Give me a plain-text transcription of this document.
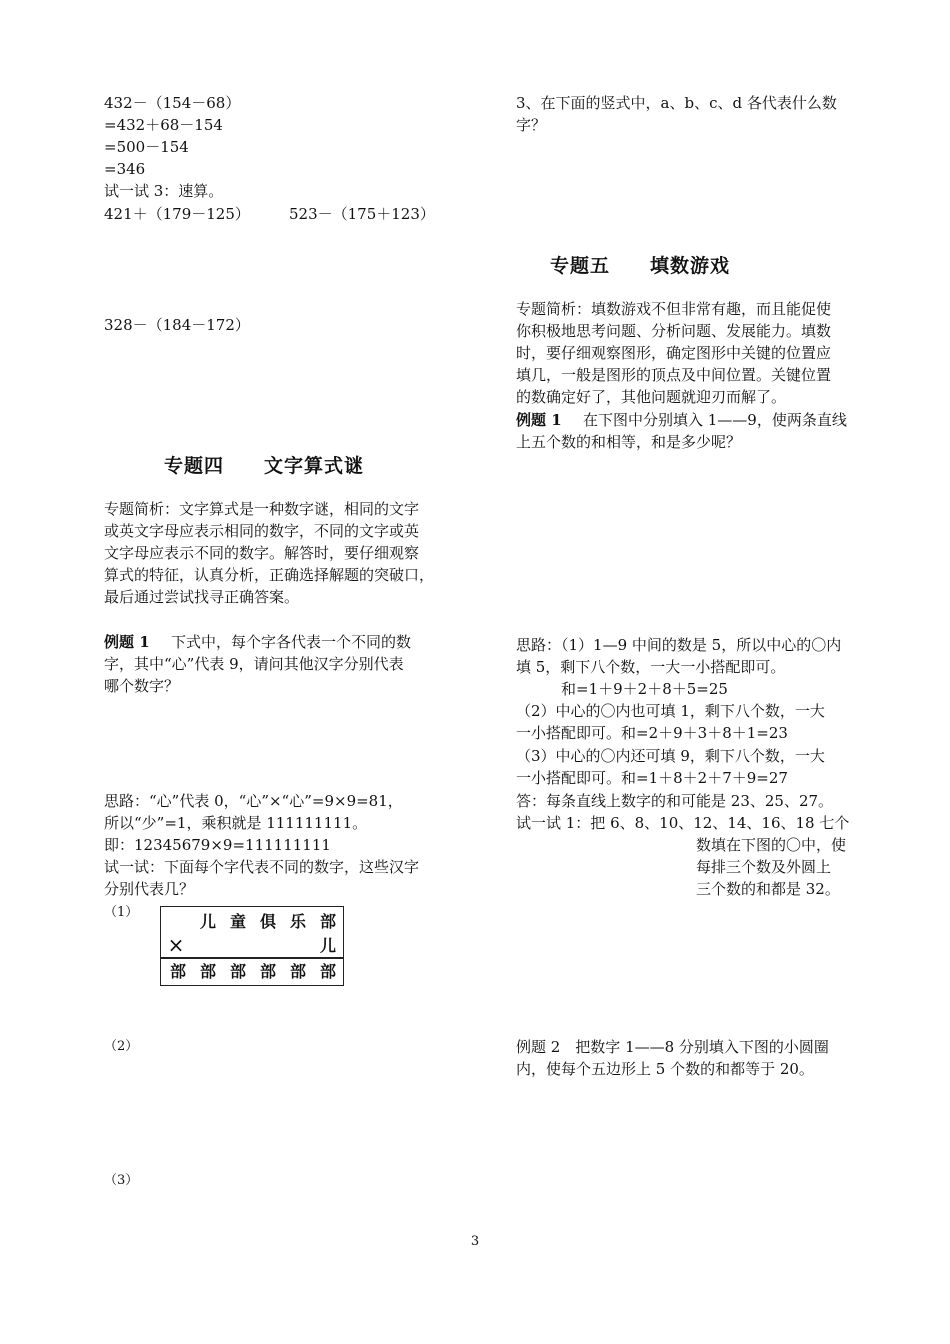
432－（154－68）
=432＋68－154
=500－154
=346
试一试 3：速算。
421＋（179－125）	523－（175＋123）
328－（184－172）
专题四　　文字算式谜
专题简析：文字算式是一种数字谜，相同的文字
或英文字母应表示相同的数字，不同的文字或英
文字母应表示不同的数字。解答时，要仔细观察
算式的特征，认真分析，正确选择解题的突破口，
最后通过尝试找寻正确答案。
例题 1 　下式中，每个字各代表一个不同的数
字，其中“心”代表 9，请问其他汉字分别代表
哪个数字？
思路：“心”代表 0，“心”×“心”=9×9=81，
所以“少”=1，乘积就是 111111111。
即：12345679×9=111111111
试一试：下面每个字代表不同的数字，这些汉字
分别代表几？
（1）	儿 童 俱 乐 部
×	儿
部 部 部 部 部 部
（2）
（3）
3、在下面的竖式中，a、b、c、d 各代表什么数
字？
专题五　　填数游戏
专题简析：填数游戏不但非常有趣，而且能促使
你积极地思考问题、分析问题、发展能力。填数
时，要仔细观察图形，确定图形中关键的位置应
填几，一般是图形的顶点及中间位置。关键位置
的数确定好了，其他问题就迎刃而解了。
例题 1 　在下图中分别填入 1——9，使两条直线
上五个数的和相等，和是多少呢？
思路：（1）1—9 中间的数是 5，所以中心的〇内
填 5，剩下八个数，一大一小搭配即可。
　　　和=1＋9＋2＋8＋5=25
（2）中心的〇内也可填 1，剩下八个数，一大
一小搭配即可。和=2＋9＋3＋8＋1=23
（3）中心的〇内还可填 9，剩下八个数，一大
一小搭配即可。和=1＋8＋2＋7＋9=27
答：每条直线上数字的和可能是 23、25、27。
试一试 1：把 6、8、10、12、14、16、18 七个
数填在下图的〇中，使
每排三个数及外圆上
三个数的和都是 32。
例题 2　把数字 1——8 分别填入下图的小圆圈
内，使每个五边形上 5 个数的和都等于 20。
3
